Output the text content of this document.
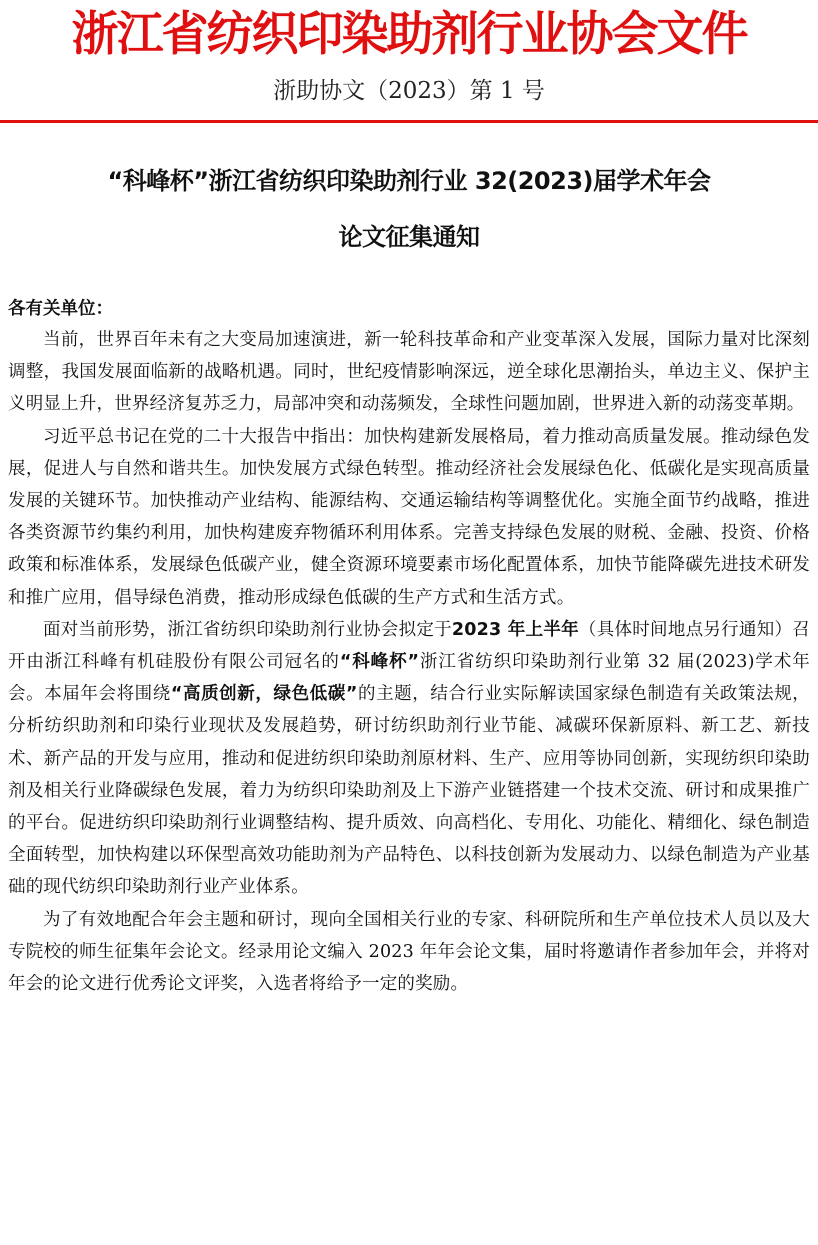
浙江省纺织印染助剂行业协会文件
浙助协文（2023）第 1 号
“科峰杯”浙江省纺织印染助剂行业 32(2023)届学术年会
论文征集通知
各有关单位：

当前，世界百年未有之大变局加速演进，新一轮科技革命和产业变革深入发展，国际力量对比深刻调整，我国发展面临新的战略机遇。同时，世纪疫情影响深远，逆全球化思潮抬头，单边主义、保护主义明显上升，世界经济复苏乏力，局部冲突和动荡频发，全球性问题加剧，世界进入新的动荡变革期。

习近平总书记在党的二十大报告中指出：加快构建新发展格局，着力推动高质量发展。推动绿色发展，促进人与自然和谐共生。加快发展方式绿色转型。推动经济社会发展绿色化、低碳化是实现高质量发展的关键环节。加快推动产业结构、能源结构、交通运输结构等调整优化。实施全面节约战略，推进各类资源节约集约利用，加快构建废弃物循环利用体系。完善支持绿色发展的财税、金融、投资、价格政策和标准体系，发展绿色低碳产业，健全资源环境要素市场化配置体系，加快节能降碳先进技术研发和推广应用，倡导绿色消费，推动形成绿色低碳的生产方式和生活方式。

面对当前形势，浙江省纺织印染助剂行业协会拟定于2023 年上半年（具体时间地点另行通知）召开由浙江科峰有机硅股份有限公司冠名的“科峰杯”浙江省纺织印染助剂行业第 32 届(2023)学术年会。本届年会将围绕“高质创新，绿色低碳”的主题，结合行业实际解读国家绿色制造有关政策法规，分析纺织助剂和印染行业现状及发展趋势，研讨纺织助剂行业节能、减碳环保新原料、新工艺、新技术、新产品的开发与应用，推动和促进纺织印染助剂原材料、生产、应用等协同创新，实现纺织印染助剂及相关行业降碳绿色发展，着力为纺织印染助剂及上下游产业链搭建一个技术交流、研讨和成果推广的平台。促进纺织印染助剂行业调整结构、提升质效、向高档化、专用化、功能化、精细化、绿色制造全面转型，加快构建以环保型高效功能助剂为产品特色、以科技创新为发展动力、以绿色制造为产业基础的现代纺织印染助剂行业产业体系。

为了有效地配合年会主题和研讨，现向全国相关行业的专家、科研院所和生产单位技术人员以及大专院校的师生征集年会论文。经录用论文编入 2023 年年会论文集，届时将邀请作者参加年会，并将对年会的论文进行优秀论文评奖，入选者将给予一定的奖励。
